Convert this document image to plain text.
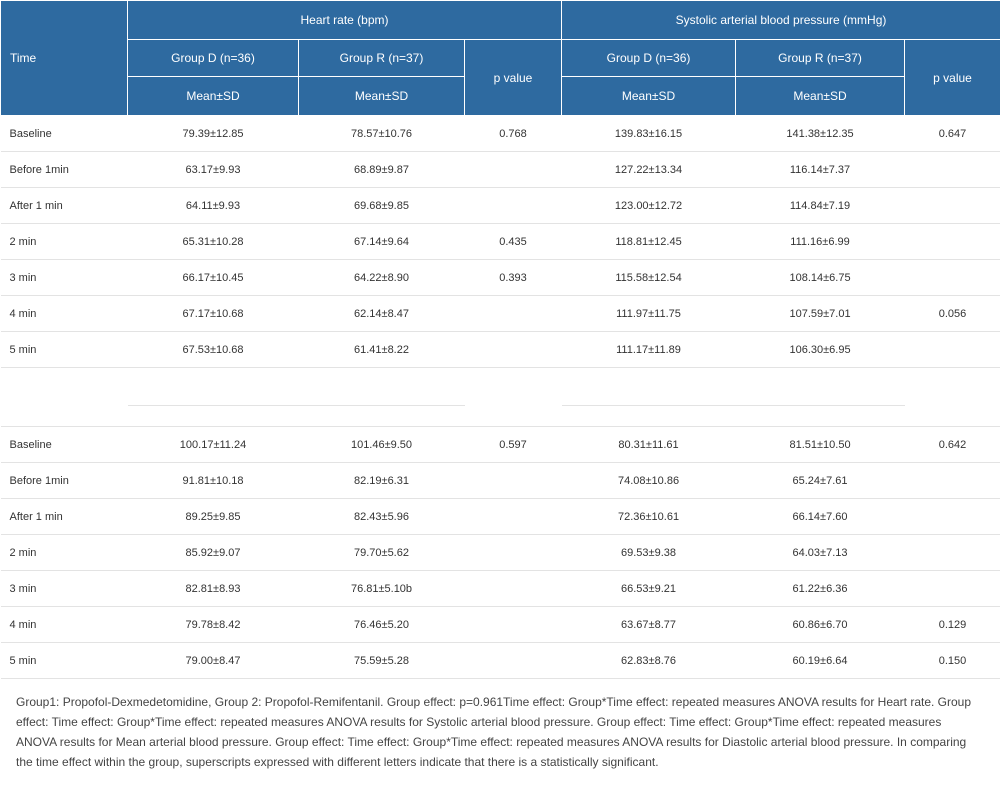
Time	Heart rate (bpm)			Systolic arterial blood pressure (mmHg)		
	Group D (n=36)	Group R (n=37)	p value	Group D (n=36)	Group R (n=37)	p value
	Mean±SD	Mean±SD		Mean±SD	Mean±SD	
Baseline	79.39±12.85	78.57±10.76	0.768	139.83±16.15	141.38±12.35	0.647
Before 1min	63.17±9.93	68.89±9.87		127.22±13.34	116.14±7.37	
After 1 min	64.11±9.93	69.68±9.85		123.00±12.72	114.84±7.19	
2 min	65.31±10.28	67.14±9.64	0.435	118.81±12.45	111.16±6.99	
3 min	66.17±10.45	64.22±8.90	0.393	115.58±12.54	108.14±6.75	
4 min	67.17±10.68	62.14±8.47		111.97±11.75	107.59±7.01	0.056
5 min	67.53±10.68	61.41±8.22		111.17±11.89	106.30±6.95	

Baseline	100.17±11.24	101.46±9.50	0.597	80.31±11.61	81.51±10.50	0.642
Before 1min	91.81±10.18	82.19±6.31		74.08±10.86	65.24±7.61	
After 1 min	89.25±9.85	82.43±5.96		72.36±10.61	66.14±7.60	
2 min	85.92±9.07	79.70±5.62		69.53±9.38	64.03±7.13	
3 min	82.81±8.93	76.81±5.10b		66.53±9.21	61.22±6.36	
4 min	79.78±8.42	76.46±5.20		63.67±8.77	60.86±6.70	0.129
5 min	79.00±8.47	75.59±5.28		62.83±8.76	60.19±6.64	0.150
Group1: Propofol-Dexmedetomidine, Group 2: Propofol-Remifentanil. Group effect: p=0.961Time effect: Group*Time effect: repeated measures ANOVA results for Heart rate. Group effect: Time effect: Group*Time effect: repeated measures ANOVA results for Systolic arterial blood pressure. Group effect: Time effect: Group*Time effect: repeated measures ANOVA results for Mean arterial blood pressure. Group effect: Time effect: Group*Time effect: repeated measures ANOVA results for Diastolic arterial blood pressure. In comparing the time effect within the group, superscripts expressed with different letters indicate that there is a statistically significant.
